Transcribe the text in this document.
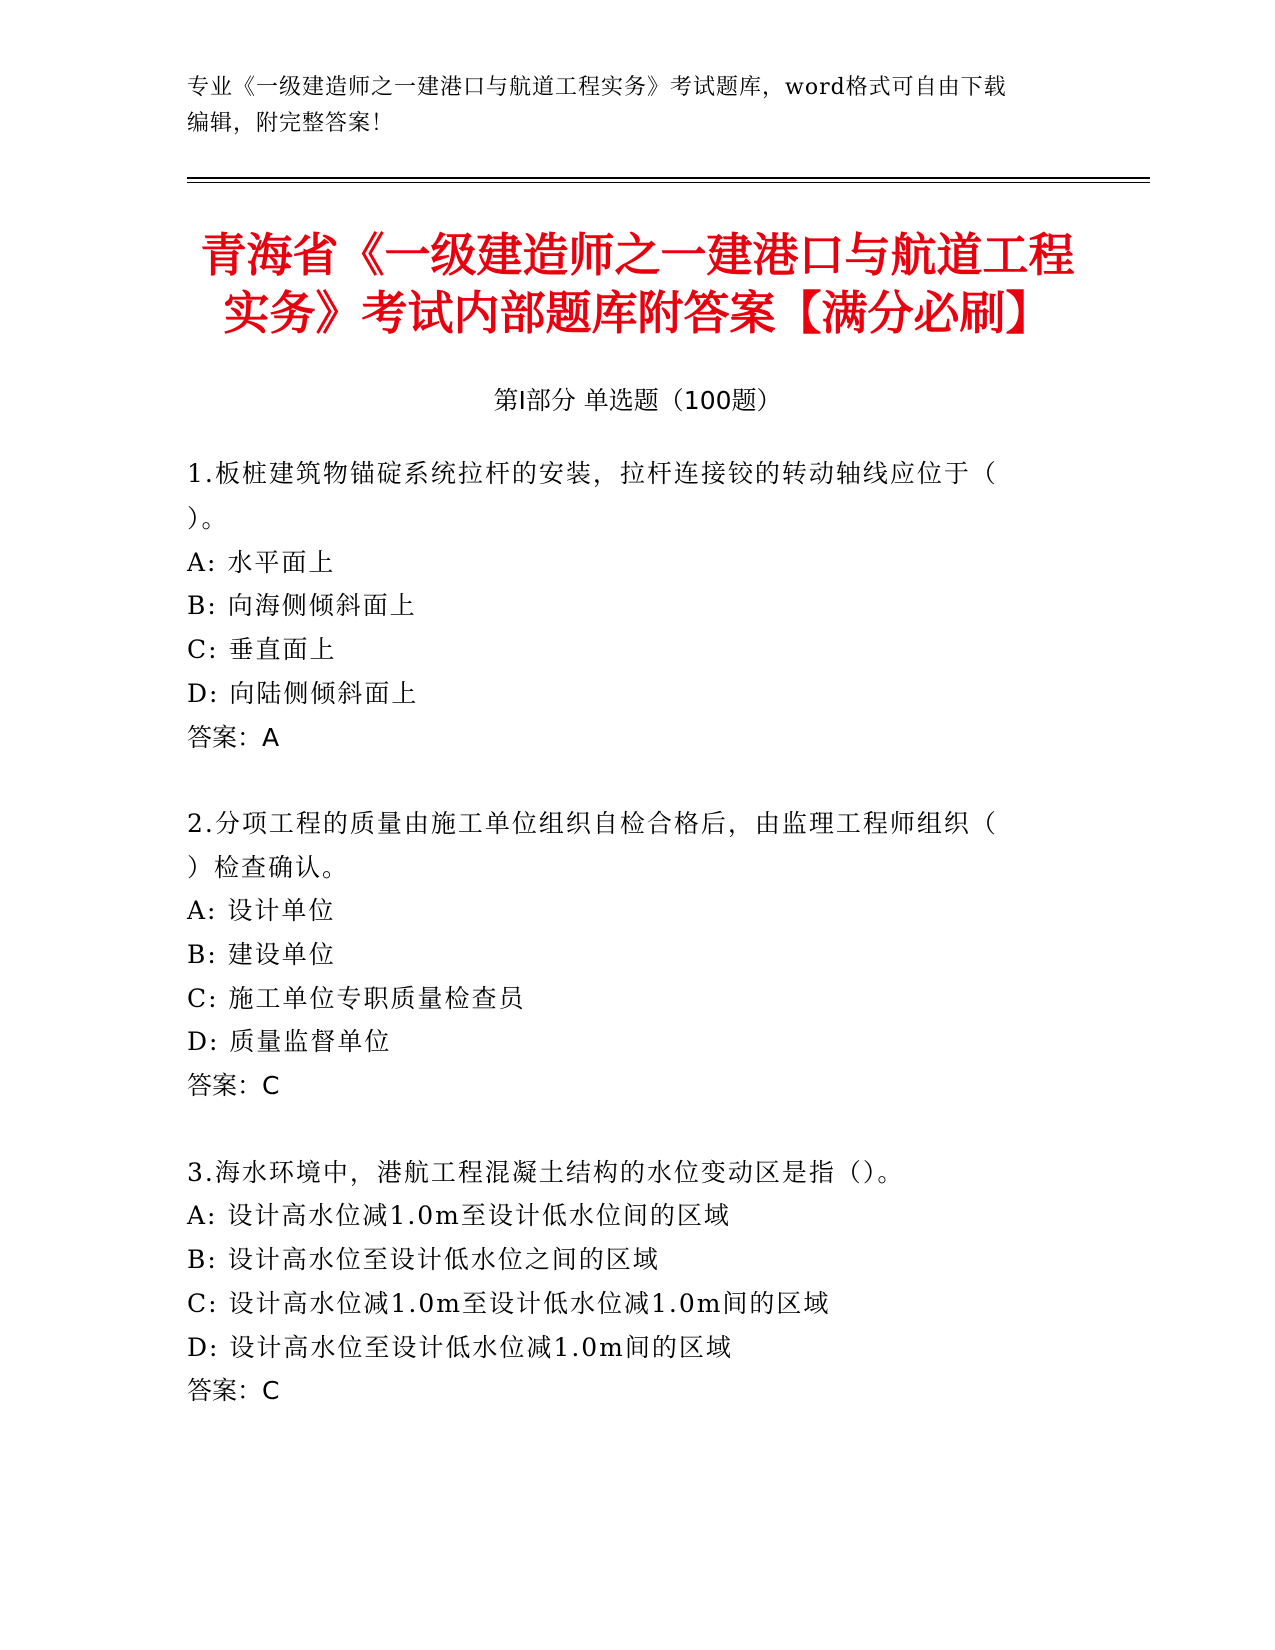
专业《一级建造师之一建港口与航道工程实务》考试题库，word格式可自由下载
编辑，附完整答案！
青海省《一级建造师之一建港口与航道工程
实务》考试内部题库附答案【满分必刷】
第Ⅰ部分 单选题（100题）
1.板桩建筑物锚碇系统拉杆的安装，拉杆连接铰的转动轴线应位于（
）。
A: 水平面上
B: 向海侧倾斜面上
C: 垂直面上
D: 向陆侧倾斜面上
答案：A
2.分项工程的质量由施工单位组织自检合格后，由监理工程师组织（
）检查确认。
A: 设计单位
B: 建设单位
C: 施工单位专职质量检查员
D: 质量监督单位
答案：C
3.海水环境中，港航工程混凝土结构的水位变动区是指（）。
A: 设计高水位减1.0m至设计低水位间的区域
B: 设计高水位至设计低水位之间的区域
C: 设计高水位减1.0m至设计低水位减1.0m间的区域
D: 设计高水位至设计低水位减1.0m间的区域
答案：C
